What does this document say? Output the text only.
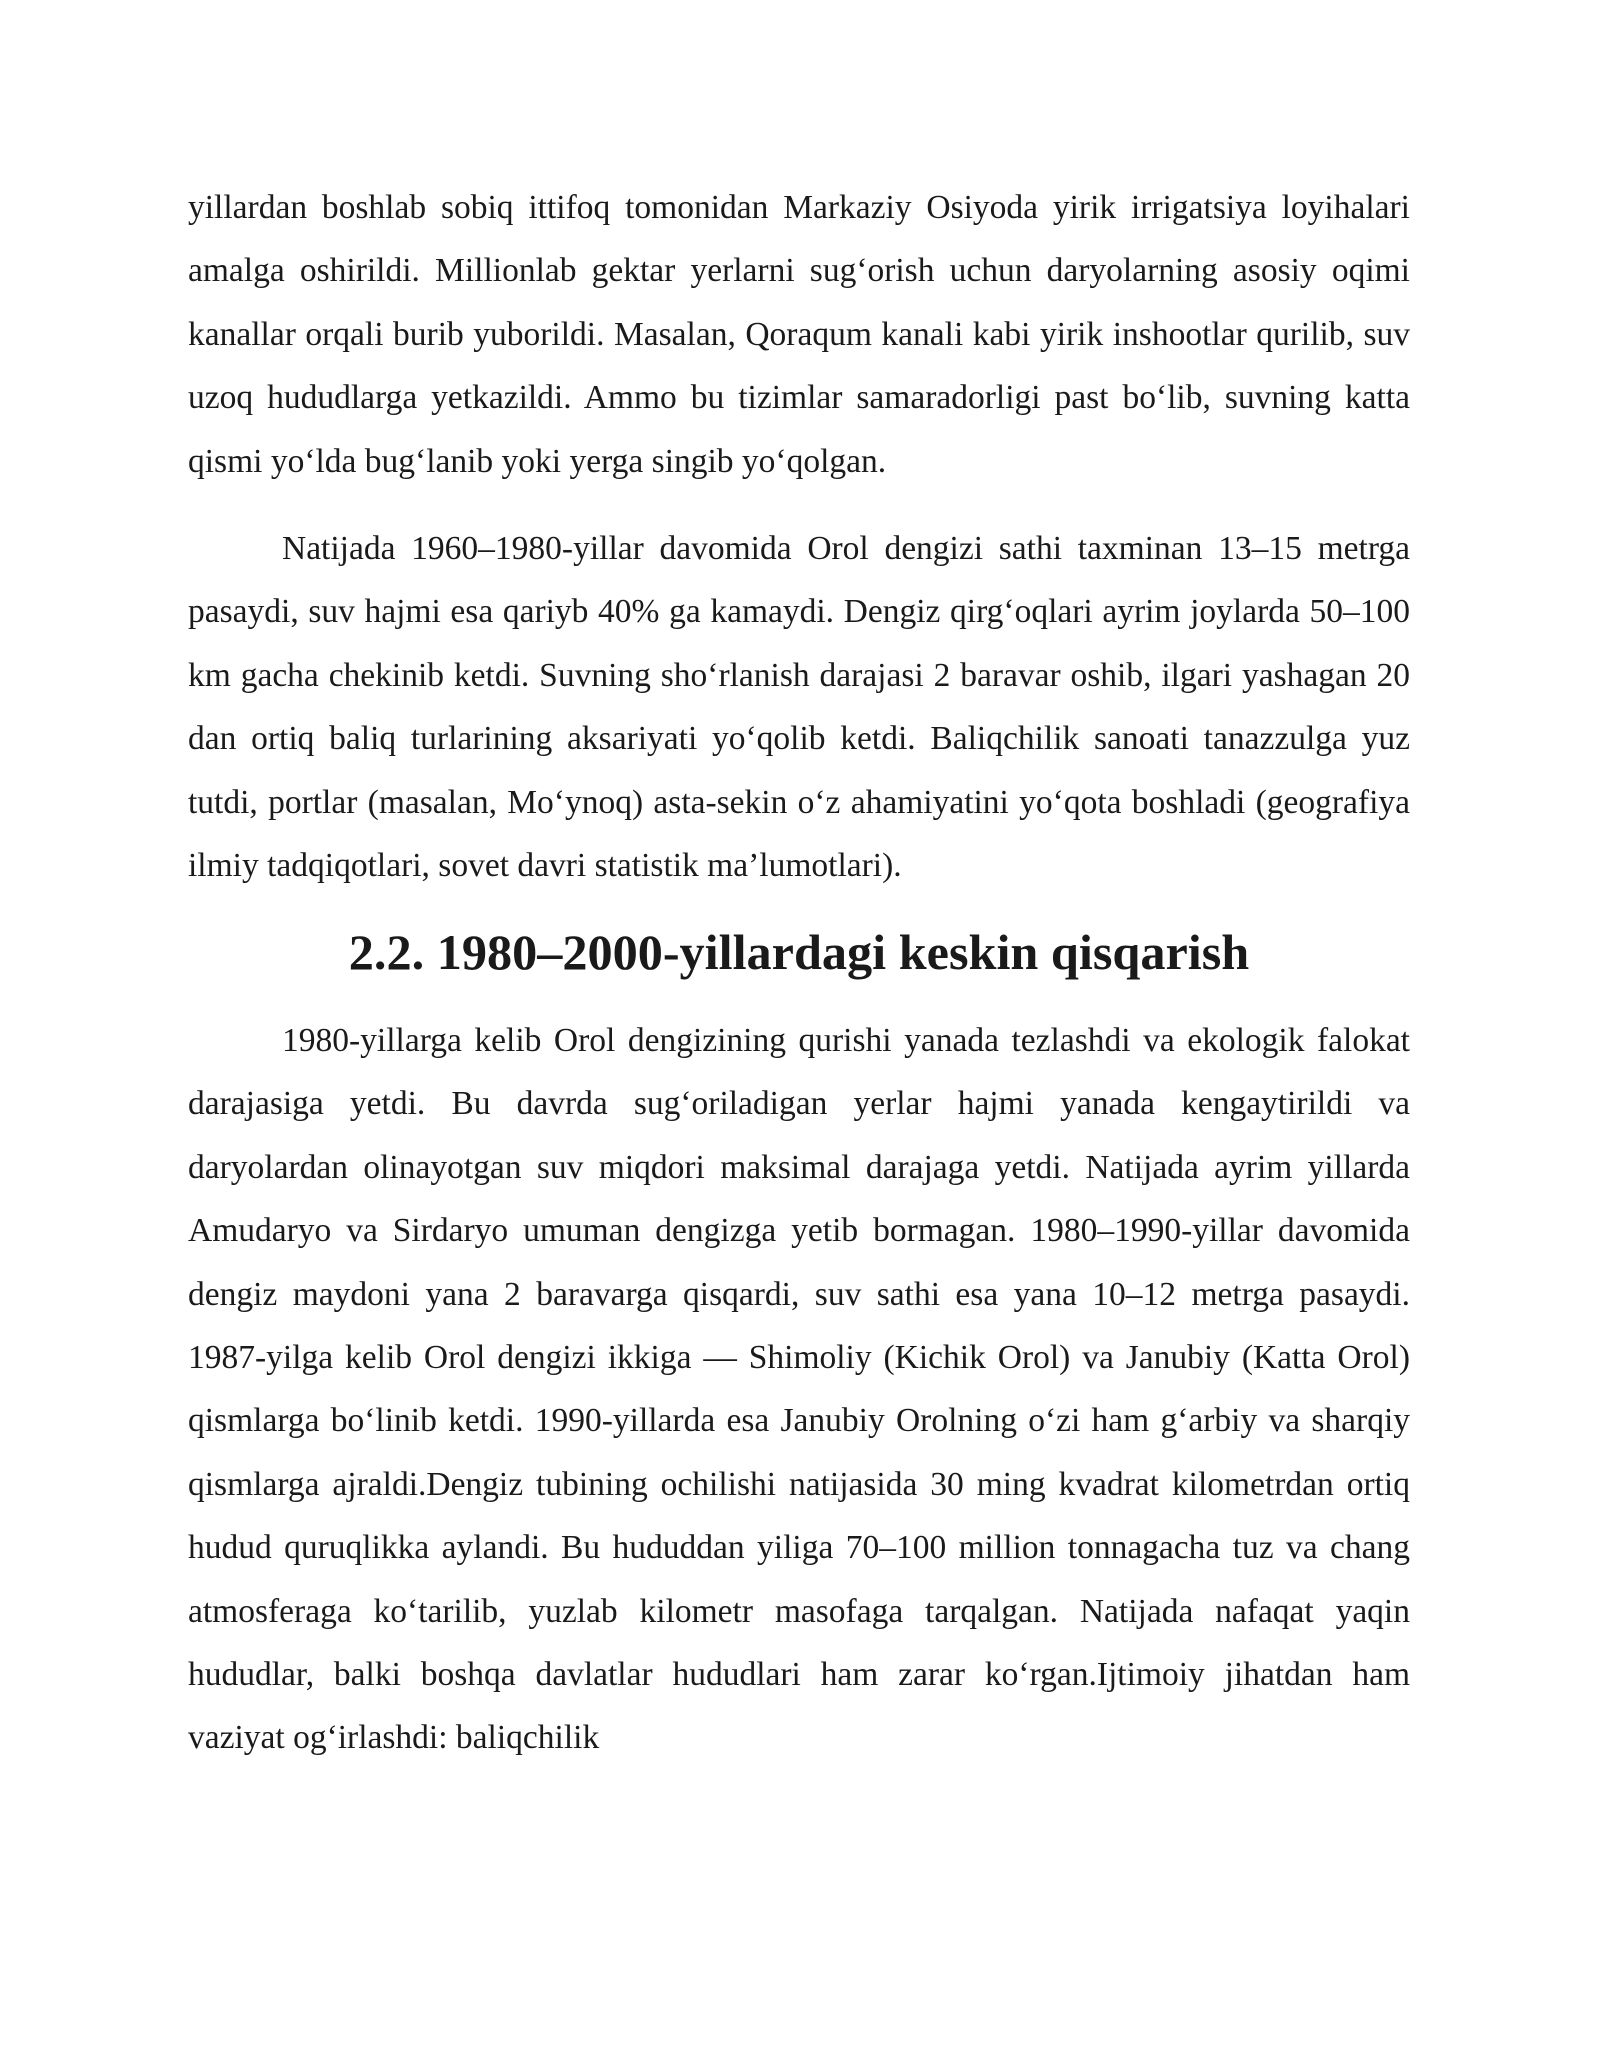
yillardan boshlab sobiq ittifoq tomonidan Markaziy Osiyoda yirik irrigatsiya loyihalari amalga oshirildi. Millionlab gektar yerlarni sug‘orish uchun daryolarning asosiy oqimi kanallar orqali burib yuborildi. Masalan, Qoraqum kanali kabi yirik inshootlar qurilib, suv uzoq hududlarga yetkazildi. Ammo bu tizimlar samaradorligi past bo‘lib, suvning katta qismi yo‘lda bug‘lanib yoki yerga singib yo‘qolgan.

Natijada 1960–1980-yillar davomida Orol dengizi sathi taxminan 13–15 metrga pasaydi, suv hajmi esa qariyb 40% ga kamaydi. Dengiz qirg‘oqlari ayrim joylarda 50–100 km gacha chekinib ketdi. Suvning sho‘rlanish darajasi 2 baravar oshib, ilgari yashagan 20 dan ortiq baliq turlarining aksariyati yo‘qolib ketdi. Baliqchilik sanoati tanazzulga yuz tutdi, portlar (masalan, Mo‘ynoq) asta-sekin o‘z ahamiyatini yo‘qota boshladi (geografiya ilmiy tadqiqotlari, sovet davri statistik ma’lumotlari).

2.2. 1980–2000-yillardagi keskin qisqarish

1980-yillarga kelib Orol dengizining qurishi yanada tezlashdi va ekologik falokat darajasiga yetdi. Bu davrda sug‘oriladigan yerlar hajmi yanada kengaytirildi va daryolardan olinayotgan suv miqdori maksimal darajaga yetdi. Natijada ayrim yillarda Amudaryo va Sirdaryo umuman dengizga yetib bormagan. 1980–1990-yillar davomida dengiz maydoni yana 2 baravarga qisqardi, suv sathi esa yana 10–12 metrga pasaydi. 1987-yilga kelib Orol dengizi ikkiga — Shimoliy (Kichik Orol) va Janubiy (Katta Orol) qismlarga bo‘linib ketdi. 1990-yillarda esa Janubiy Orolning o‘zi ham g‘arbiy va sharqiy qismlarga ajraldi.Dengiz tubining ochilishi natijasida 30 ming kvadrat kilometrdan ortiq hudud quruqlikka aylandi. Bu hududdan yiliga 70–100 million tonnagacha tuz va chang atmosferaga ko‘tarilib, yuzlab kilometr masofaga tarqalgan. Natijada nafaqat yaqin hududlar, balki boshqa davlatlar hududlari ham zarar ko‘rgan.Ijtimoiy jihatdan ham vaziyat og‘irlashdi: baliqchilik
